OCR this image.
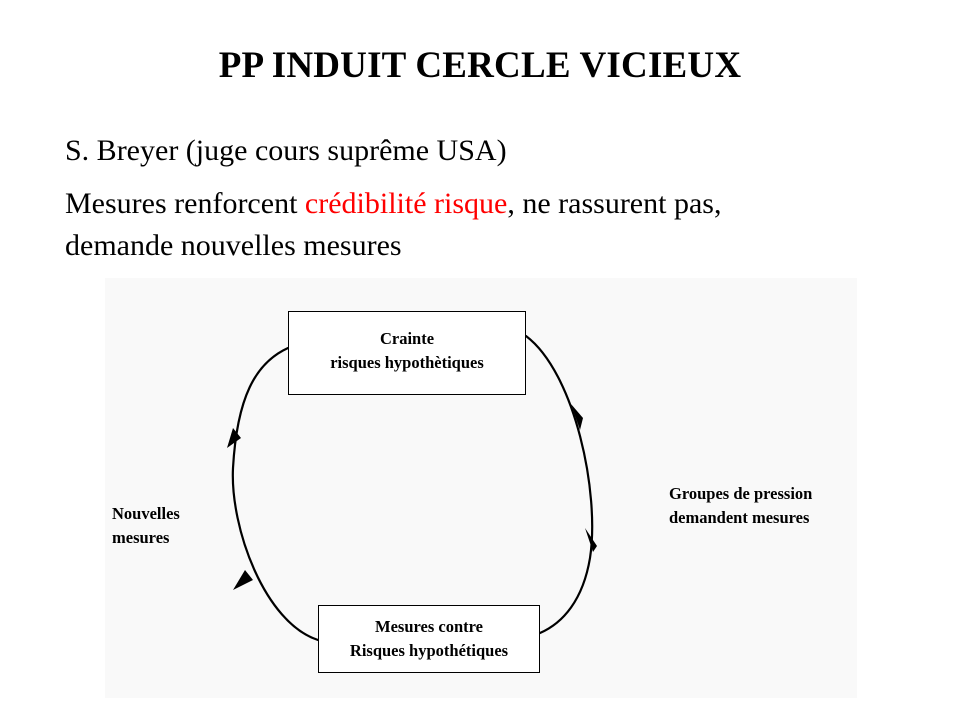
PP INDUIT CERCLE VICIEUX
S. Breyer (juge cours suprême USA)
Mesures renforcent crédibilité risque, ne rassurent pas,
demande nouvelles mesures
Crainte
risques hypothètiques
Mesures contre
Risques hypothétiques
Groupes de pression
demandent mesures
Nouvelles
mesures
